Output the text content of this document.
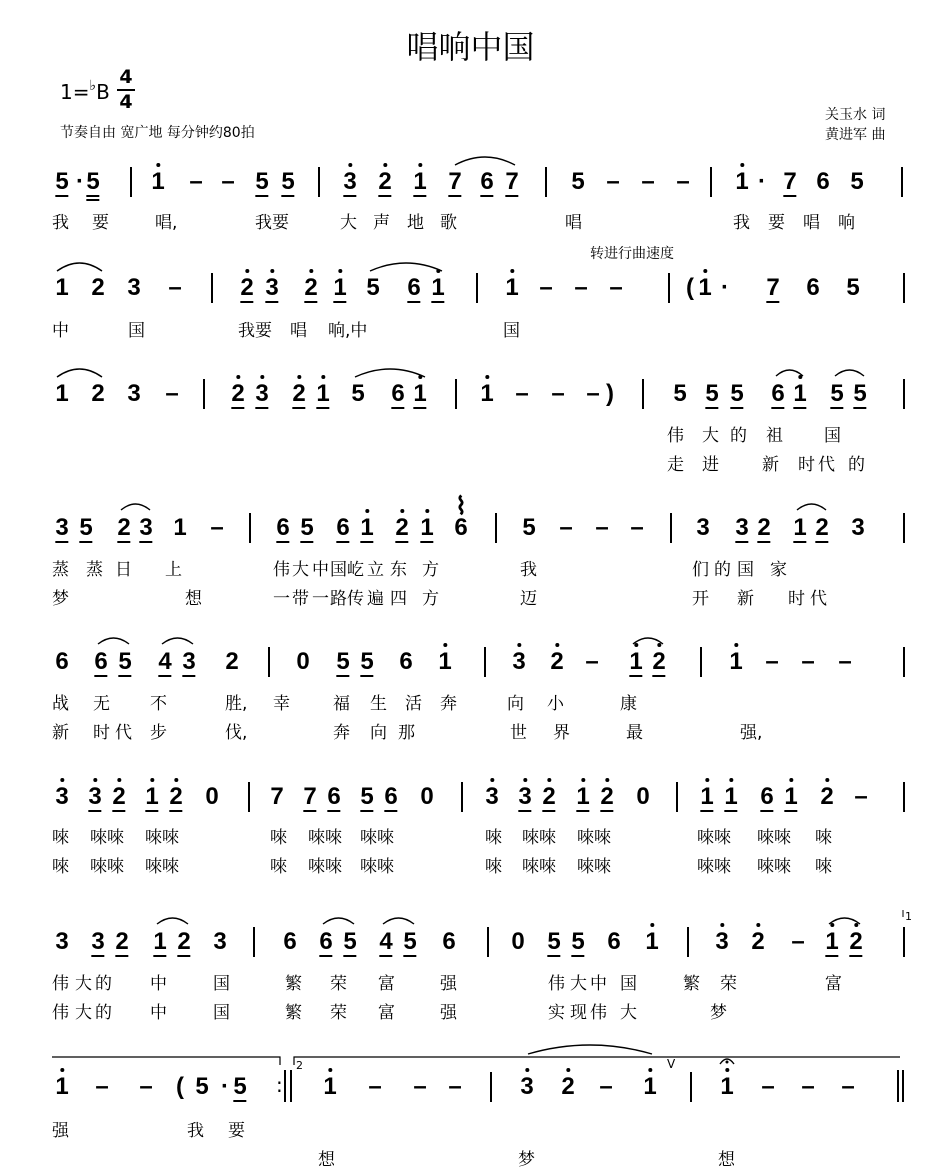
唱响中国
1=♭B
4
4
节奏自由 宽广地 每分钟约80拍
关玉水 词
黄进军 曲
转进行曲速度
5 · 5 1 – – 5 5 3 2 1 7 6 7 5 – – – 1 · 7 6 5
我 要	唱,	我要	大 声 地 歌	唱	我 要 唱 响
1 2 3 – 2 3 2 1 5 6 1	1 – – –	1 · 7 6 5
(
中	国	我要 唱 响,中	国
1 2 3 – 2 3 2 1 5 6 1 1 – – –	5 5 5 6 1 5 5
)
伟 大 的 祖 国
走 进	新 时 代 的
3 5 2 3 1 – 6 5 6 1 2 1 6 5 – – – 3 3 2 1 2 3
⌇
蒸 蒸 日 上	伟 大 中 国 屹 立 东 方	我	们 的 国 家
梦	想	一 带 一 路 传 遍 四 方	迈	开 新 时 代
6 6 5 4 3 2 0 5 5 6 1	3 2 – 1 2	1 – – –
战 无 不	胜, 幸	福 生 活 奔	向 小	康
新 时 代 步	伐,	奔 向 那	世 界	最	强,
3 3 2 1 2 0 7 7 6 5 6 0 3 3 2 1 2 0 1 1 6 1 2 –
唻 唻唻 唻唻	唻 唻唻 唻唻	唻 唻唻 唻唻	唻唻 唻唻 唻
唻 唻唻 唻唻	唻 唻唻 唻唻	唻 唻唻 唻唻	唻唻 唻唻 唻
3 3 2 1 2 3 6 6 5 4 5 6 0 5 5 6 1 3 2 – 1 2
伟 大 的 中	国	繁 荣 富	强	伟 大 中 国	繁 荣	富
伟 大 的 中	国	繁 荣 富	强	实 现 伟 大	梦
1
1 – – ( 5 · 5	1 – – – 3 2 – 1	1 – – –
:
2	V
强	我 要
想	梦	想
